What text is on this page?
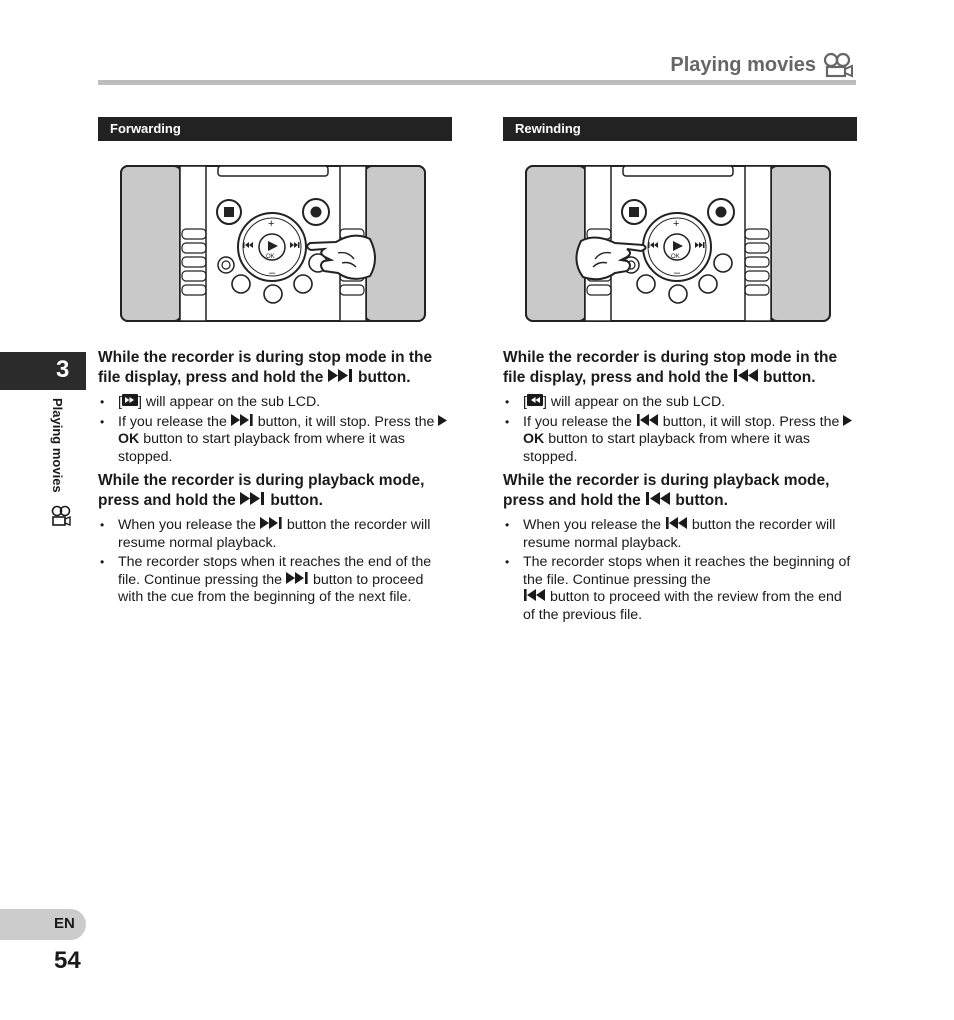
Playing movies
3
Playing movies
EN
54
Forwarding
OK
+
–
While the recorder is during stop mode in the file display, press and hold the  button.
• [ ] will appear on the sub LCD.
• If you release the  button, it will stop. Press the OK button to start playback from where it was stopped.
While the recorder is during playback mode, press and hold the  button.
• When you release the  button the recorder will resume normal playback.
• The recorder stops when it reaches the end of the file. Continue pressing the  button to proceed with the cue from the beginning of the next file.
Rewinding
OK
+
–
While the recorder is during stop mode in the file display, press and hold the  button.
• [ ] will appear on the sub LCD.
• If you release the  button, it will stop. Press the OK button to start playback from where it was stopped.
While the recorder is during playback mode, press and hold the  button.
• When you release the  button the recorder will resume normal playback.
• The recorder stops when it reaches the beginning of the file. Continue pressing the
button to proceed with the review from the end of the previous file.
